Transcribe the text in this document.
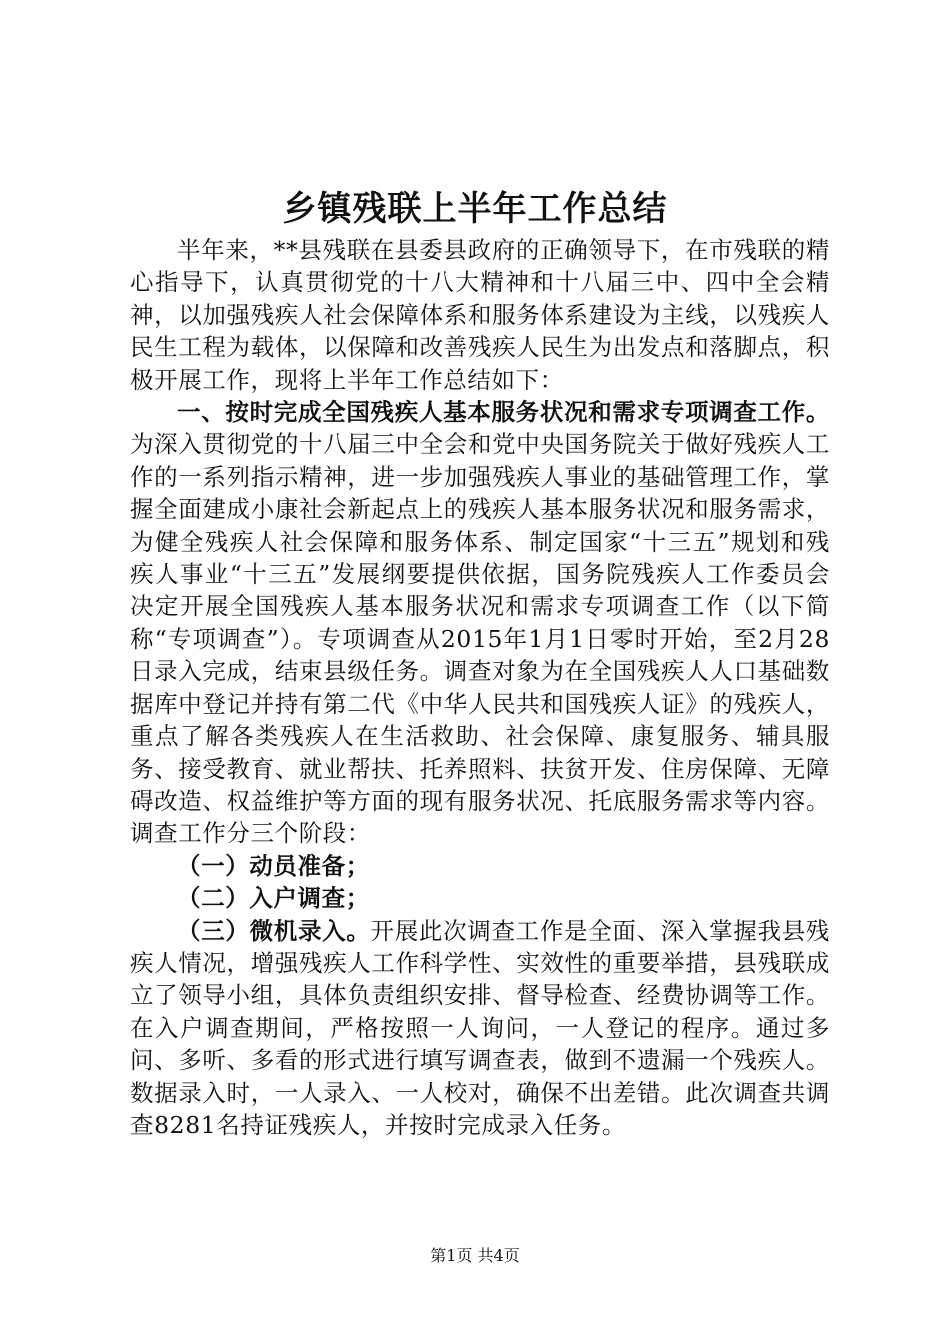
乡镇残联上半年工作总结

半年来，**县残联在县委县政府的正确领导下，在市残联的精心指导下，认真贯彻党的十八大精神和十八届三中、四中全会精神，以加强残疾人社会保障体系和服务体系建设为主线，以残疾人民生工程为载体，以保障和改善残疾人民生为出发点和落脚点，积极开展工作，现将上半年工作总结如下：

一、按时完成全国残疾人基本服务状况和需求专项调查工作。为深入贯彻党的十八届三中全会和党中央国务院关于做好残疾人工作的一系列指示精神，进一步加强残疾人事业的基础管理工作，掌握全面建成小康社会新起点上的残疾人基本服务状况和服务需求，为健全残疾人社会保障和服务体系、制定国家“十三五”规划和残疾人事业“十三五”发展纲要提供依据，国务院残疾人工作委员会决定开展全国残疾人基本服务状况和需求专项调查工作（以下简称“专项调查”）。专项调查从2015年1月1日零时开始，至2月28日录入完成，结束县级任务。调查对象为在全国残疾人人口基础数据库中登记并持有第二代《中华人民共和国残疾人证》的残疾人，重点了解各类残疾人在生活救助、社会保障、康复服务、辅具服务、接受教育、就业帮扶、托养照料、扶贫开发、住房保障、无障碍改造、权益维护等方面的现有服务状况、托底服务需求等内容。调查工作分三个阶段：

（一）动员准备；

（二）入户调查；

（三）微机录入。开展此次调查工作是全面、深入掌握我县残疾人情况，增强残疾人工作科学性、实效性的重要举措，县残联成立了领导小组，具体负责组织安排、督导检查、经费协调等工作。在入户调查期间，严格按照一人询问，一人登记的程序。通过多问、多听、多看的形式进行填写调查表，做到不遗漏一个残疾人。数据录入时，一人录入、一人校对，确保不出差错。此次调查共调查8281名持证残疾人，并按时完成录入任务。

第1页 共4页
